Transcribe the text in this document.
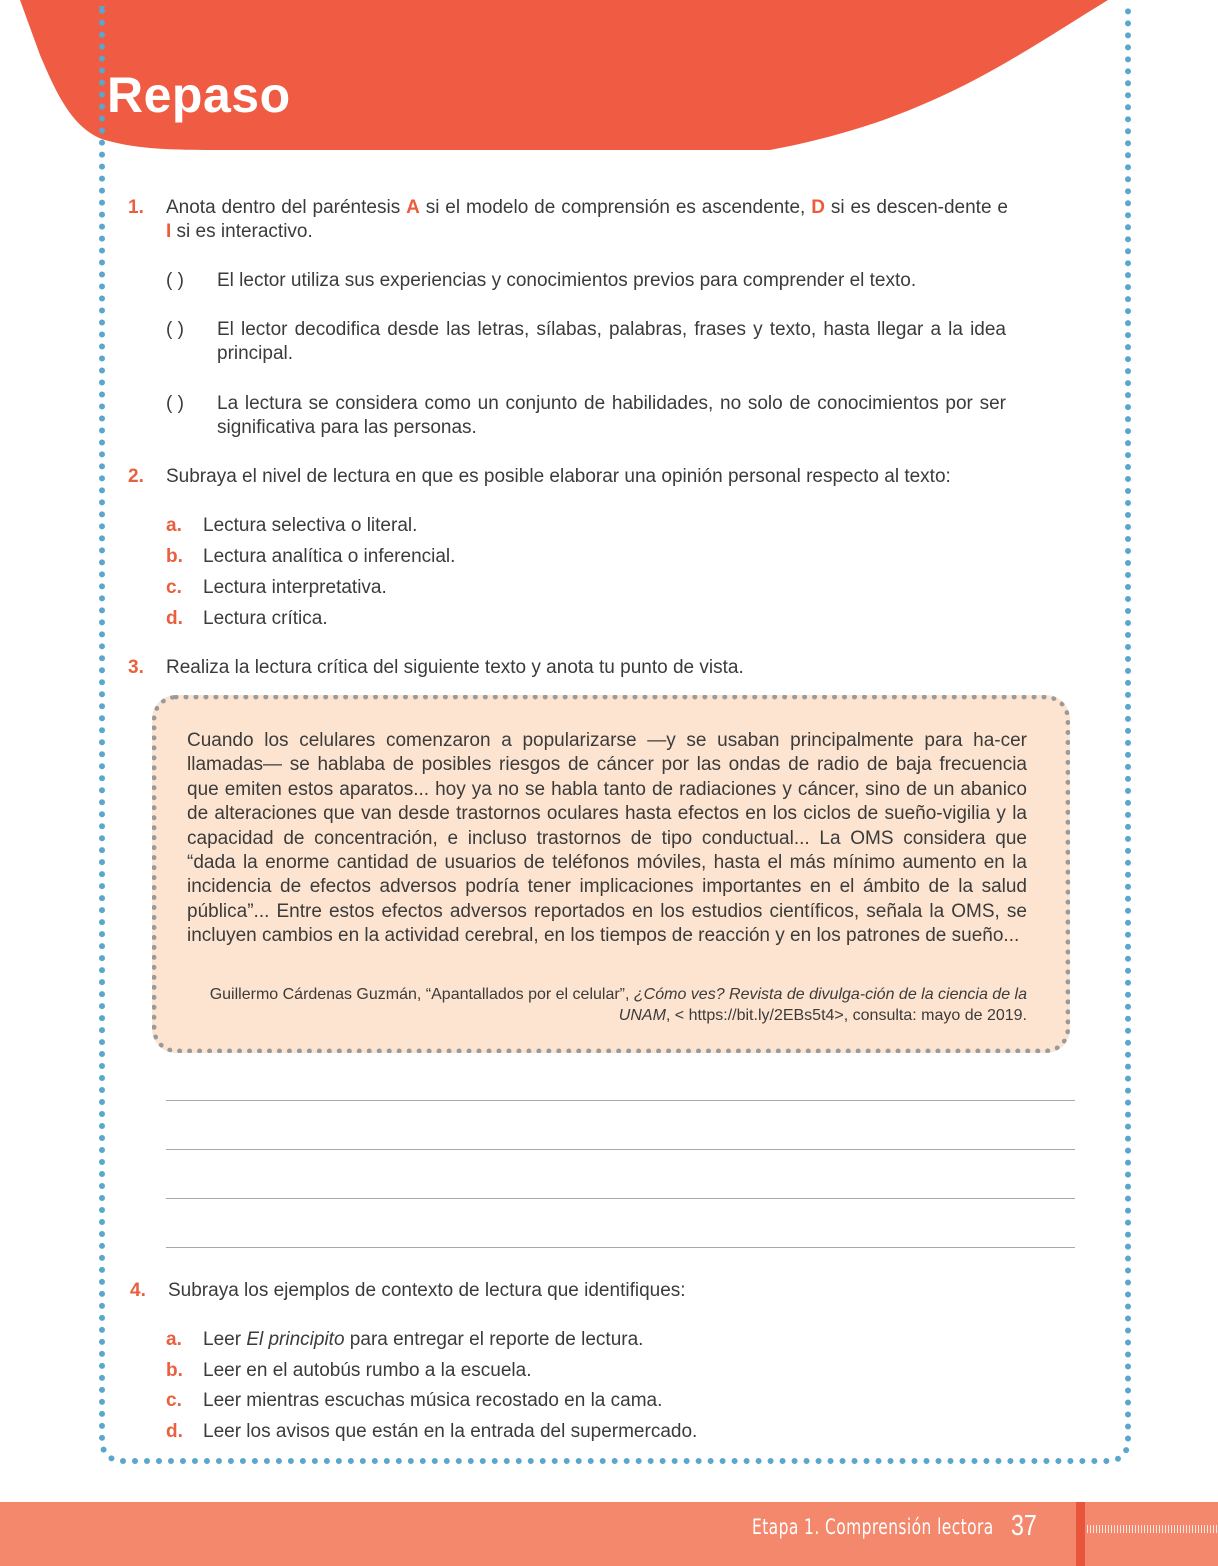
Repaso
1. Anota dentro del paréntesis A si el modelo de comprensión es ascendente, D si es descen-dente e I si es interactivo.
( ) El lector utiliza sus experiencias y conocimientos previos para comprender el texto.
( ) El lector decodifica desde las letras, sílabas, palabras, frases y texto, hasta llegar a la idea principal.
( ) La lectura se considera como un conjunto de habilidades, no solo de conocimientos por ser significativa para las personas.
2. Subraya el nivel de lectura en que es posible elaborar una opinión personal respecto al texto:
a. Lectura selectiva o literal.
b. Lectura analítica o inferencial.
c. Lectura interpretativa.
d. Lectura crítica.
3. Realiza la lectura crítica del siguiente texto y anota tu punto de vista.
Cuando los celulares comenzaron a popularizarse —y se usaban principalmente para ha-cer llamadas— se hablaba de posibles riesgos de cáncer por las ondas de radio de baja frecuencia que emiten estos aparatos... hoy ya no se habla tanto de radiaciones y cáncer, sino de un abanico de alteraciones que van desde trastornos oculares hasta efectos en los ciclos de sueño-vigilia y la capacidad de concentración, e incluso trastornos de tipo conductual... La OMS considera que “dada la enorme cantidad de usuarios de teléfonos móviles, hasta el más mínimo aumento en la incidencia de efectos adversos podría tener implicaciones importantes en el ámbito de la salud pública”... Entre estos efectos adversos reportados en los estudios científicos, señala la OMS, se incluyen cambios en la actividad cerebral, en los tiempos de reacción y en los patrones de sueño...
Guillermo Cárdenas Guzmán, “Apantallados por el celular”, ¿Cómo ves? Revista de divulga-ción de la ciencia de la UNAM, < https://bit.ly/2EBs5t4>, consulta: mayo de 2019.
4. Subraya los ejemplos de contexto de lectura que identifiques:
a. Leer El principito para entregar el reporte de lectura.
b. Leer en el autobús rumbo a la escuela.
c. Leer mientras escuchas música recostado en la cama.
d. Leer los avisos que están en la entrada del supermercado.
Etapa 1. Comprensión lectora 37
